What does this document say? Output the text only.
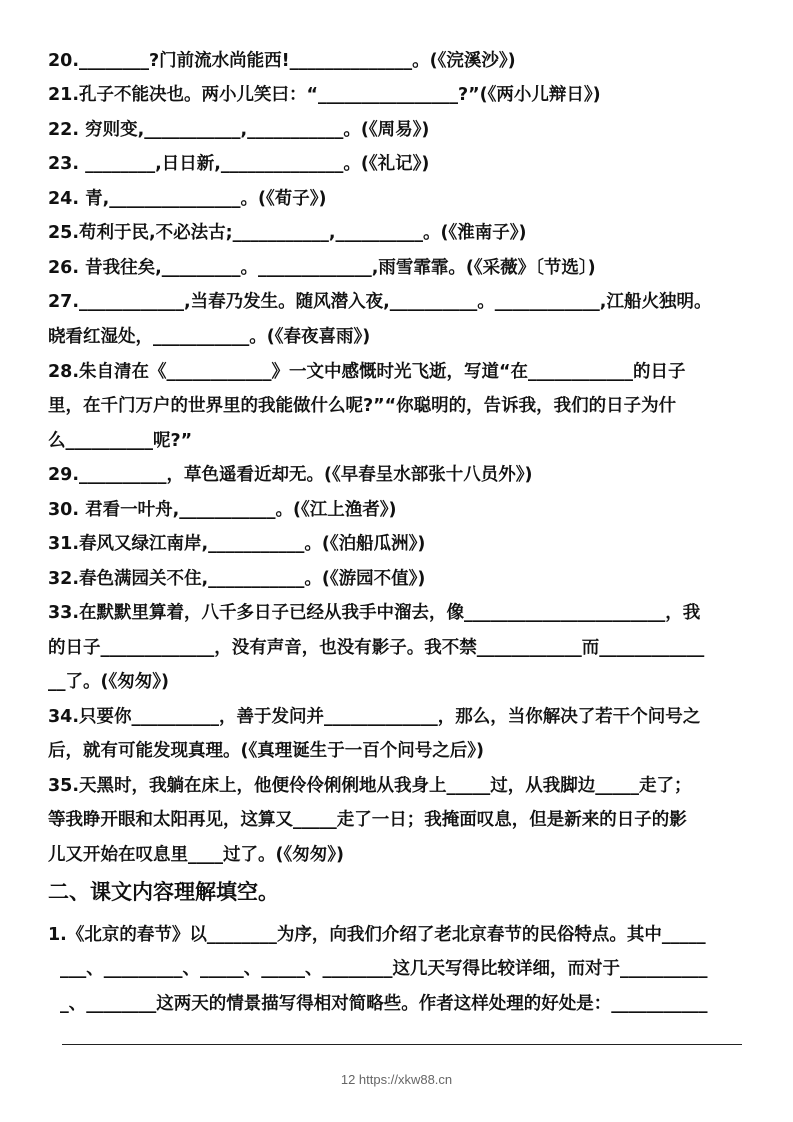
20.________?门前流水尚能西!______________。(《浣溪沙》)
21.孔子不能决也。两小儿笑曰：“________________?”(《两小儿辩日》)
22. 穷则变,___________,___________。(《周易》)
23. ________,日日新,______________。(《礼记》)
24. 青,_______________。(《荀子》)
25.苟利于民,不必法古;___________,__________。(《淮南子》)
26. 昔我往矣,_________。_____________,雨雪霏霏。(《采薇》〔节选〕)
27.____________,当春乃发生。随风潜入夜,__________。____________,江船火独明。
晓看红湿处，___________。(《春夜喜雨》)
28.朱自清在《____________》一文中感慨时光飞逝，写道“在____________的日子
里，在千门万户的世界里的我能做什么呢?”“你聪明的，告诉我，我们的日子为什
么__________呢?”
29.__________，草色遥看近却无。(《早春呈水部张十八员外》)
30. 君看一叶舟,___________。(《江上渔者》)
31.春风又绿江南岸,___________。(《泊船瓜洲》)
32.春色满园关不住,___________。(《游园不值》)
33.在默默里算着，八千多日子已经从我手中溜去，像_______________________，我
的日子_____________，没有声音，也没有影子。我不禁____________而____________
__了。(《匆匆》)
34.只要你__________，善于发问并_____________，那么，当你解决了若干个问号之
后，就有可能发现真理。(《真理诞生于一百个问号之后》)
35.天黑时，我躺在床上，他便伶伶俐俐地从我身上_____过，从我脚边_____走了；
等我睁开眼和太阳再见，这算又_____走了一日；我掩面叹息，但是新来的日子的影
儿又开始在叹息里____过了。(《匆匆》)
二、课文内容理解填空。
1.《北京的春节》以________为序，向我们介绍了老北京春节的民俗特点。其中_____
___、_________、_____、_____、________这几天写得比较详细，而对于__________
_、________这两天的情景描写得相对简略些。作者这样处理的好处是：___________
12 https://xkw88.cn
